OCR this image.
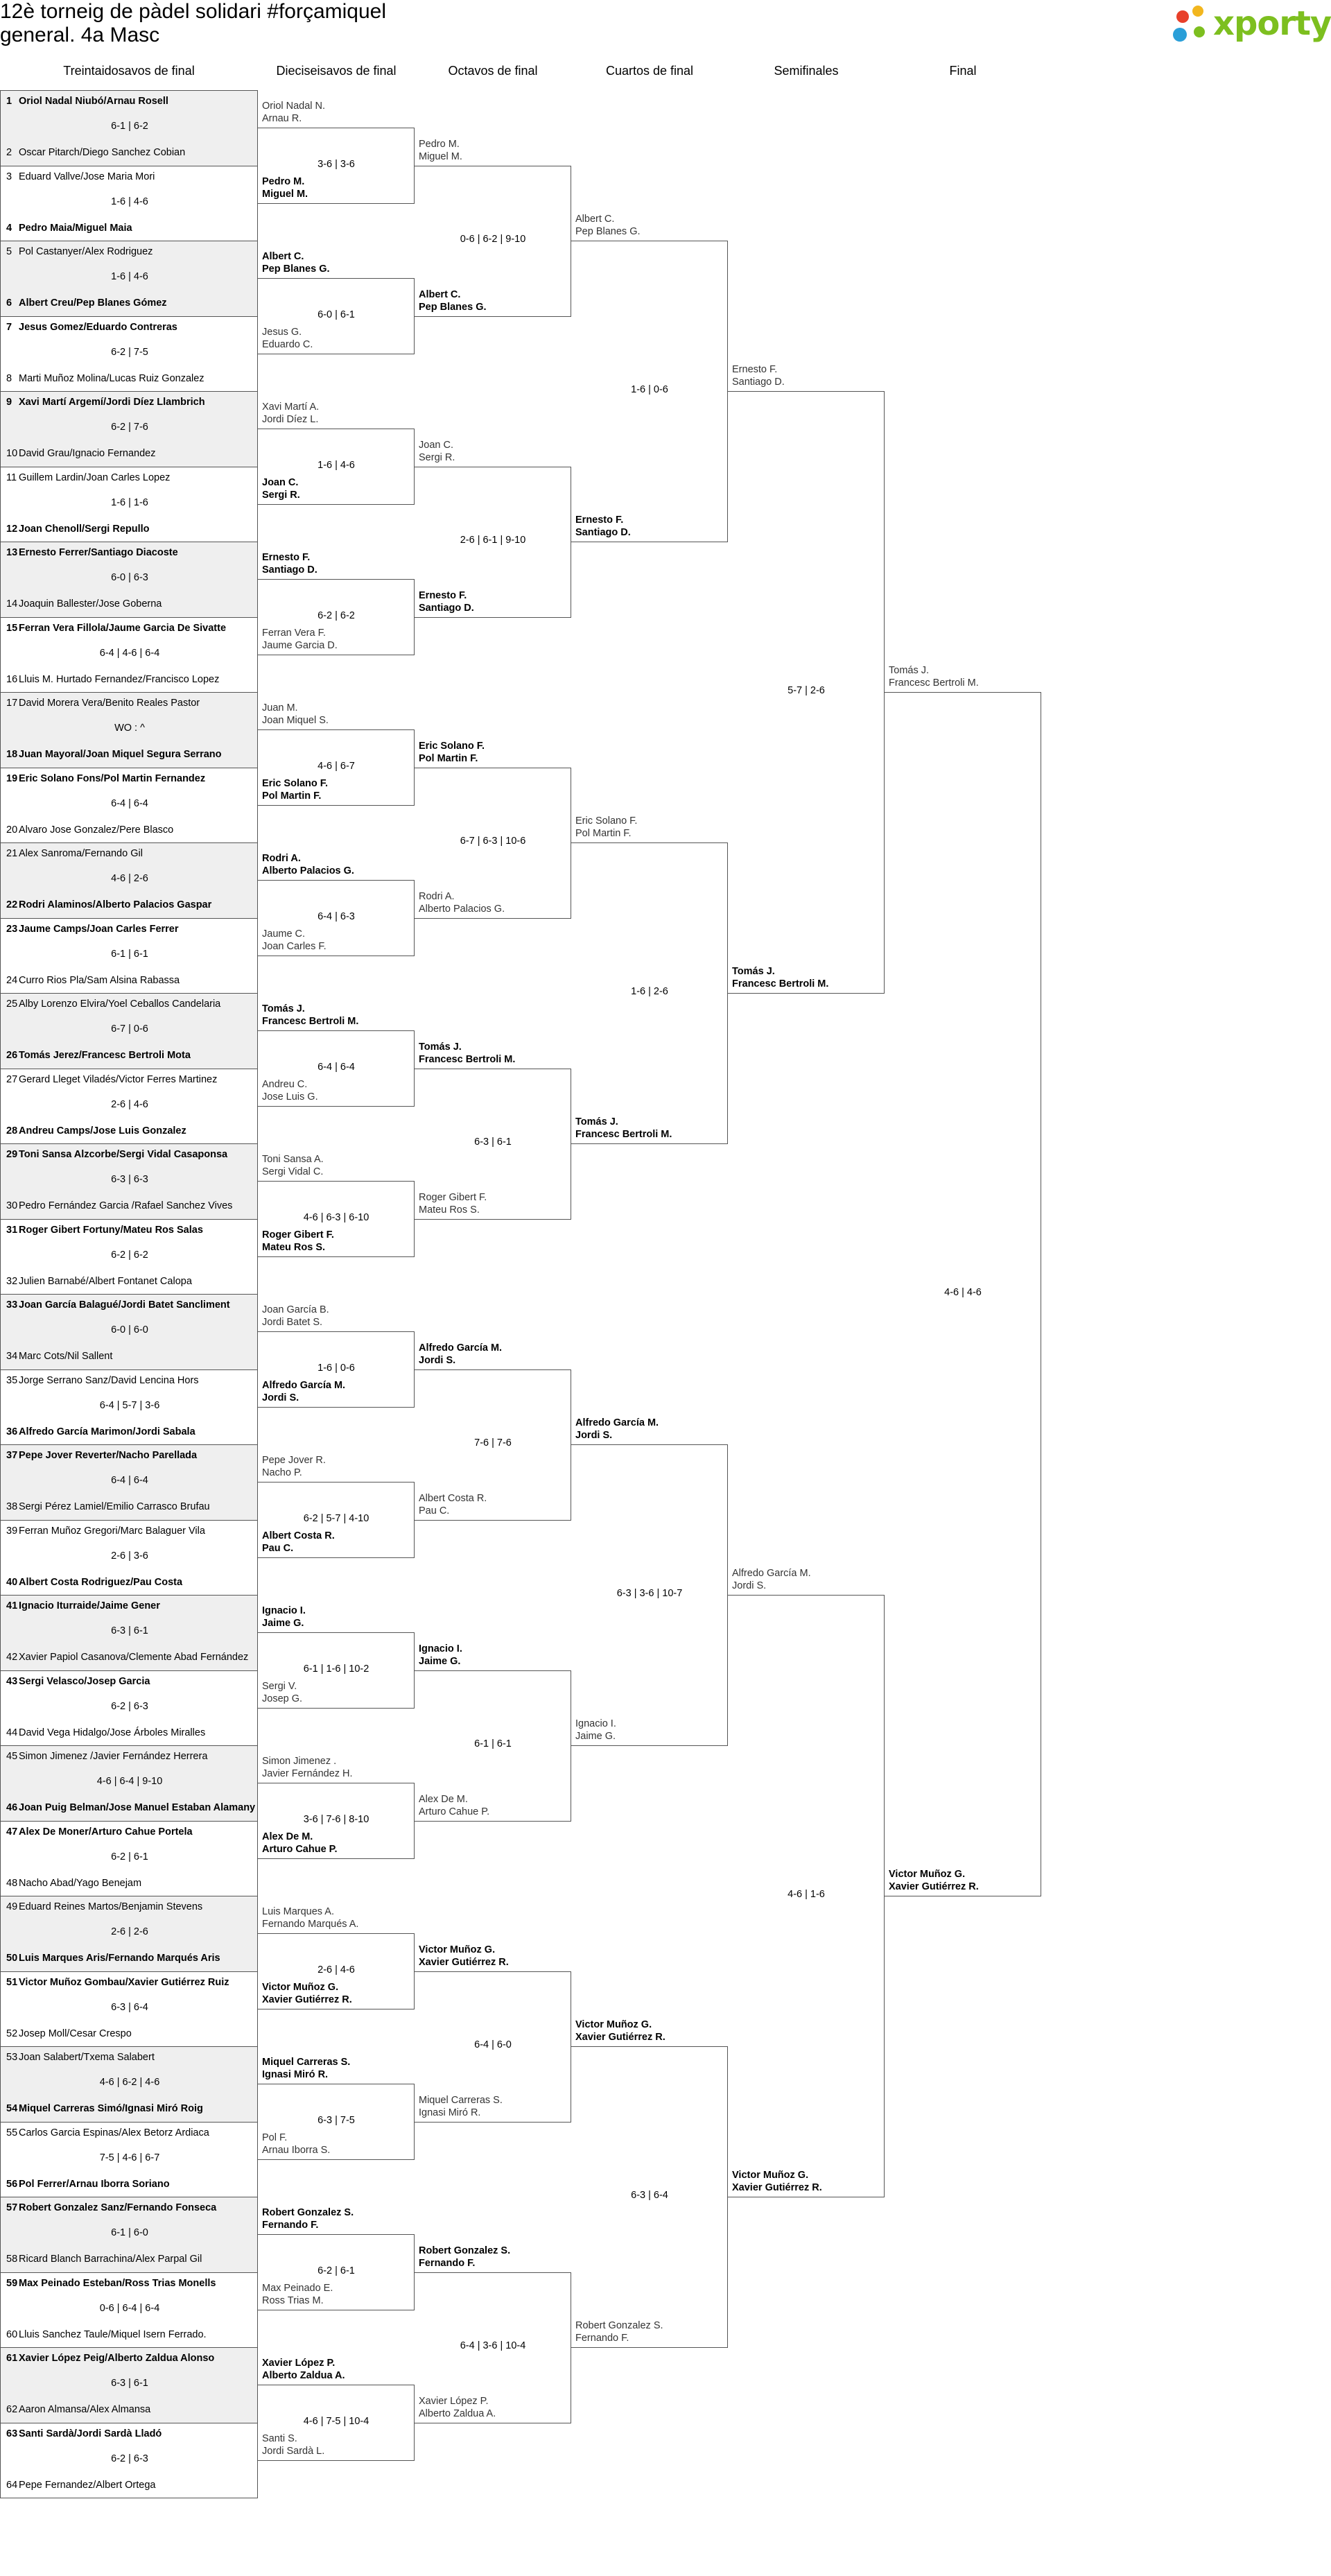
12è torneig de pàdel solidari #forçamiquel
general. 4a Masc	xporty
Treintaidosavos de final	Dieciseisavos de final	Octavos de final	Cuartos de final	Semifinales	Final
1 Oriol Nadal Niubó/Arnau Rosell
6-1 | 6-2
2 Oscar Pitarch/Diego Sanchez Cobian
3 Eduard Vallve/Jose Maria Mori
1-6 | 4-6
4 Pedro Maia/Miguel Maia
5 Pol Castanyer/Alex Rodriguez
1-6 | 4-6
6 Albert Creu/Pep Blanes Gómez
7 Jesus Gomez/Eduardo Contreras
6-2 | 7-5
8 Marti Muñoz Molina/Lucas Ruiz Gonzalez
9 Xavi Martí Argemí/Jordi Díez Llambrich
6-2 | 7-6
10 David Grau/Ignacio Fernandez
11 Guillem Lardin/Joan Carles Lopez
1-6 | 1-6
12 Joan Chenoll/Sergi Repullo
13 Ernesto Ferrer/Santiago Diacoste
6-0 | 6-3
14 Joaquin Ballester/Jose Goberna
15 Ferran Vera Fillola/Jaume Garcia De Sivatte
6-4 | 4-6 | 6-4
16 Lluis M. Hurtado Fernandez/Francisco Lopez
17 David Morera Vera/Benito Reales Pastor
WO : ^
18 Juan Mayoral/Joan Miquel Segura Serrano
19 Eric Solano Fons/Pol Martin Fernandez
6-4 | 6-4
20 Alvaro Jose Gonzalez/Pere Blasco
21 Alex Sanroma/Fernando Gil
4-6 | 2-6
22 Rodri Alaminos/Alberto Palacios Gaspar
23 Jaume Camps/Joan Carles Ferrer
6-1 | 6-1
24 Curro Rios Pla/Sam Alsina Rabassa
25 Alby Lorenzo Elvira/Yoel Ceballos Candelaria
6-7 | 0-6
26 Tomás Jerez/Francesc Bertroli Mota
27 Gerard Lleget Viladés/Victor Ferres Martinez
2-6 | 4-6
28 Andreu Camps/Jose Luis Gonzalez
29 Toni Sansa Alzcorbe/Sergi Vidal Casaponsa
6-3 | 6-3
30 Pedro Fernández Garcia /Rafael Sanchez Vives
31 Roger Gibert Fortuny/Mateu Ros Salas
6-2 | 6-2
32 Julien Barnabé/Albert Fontanet Calopa
33 Joan García Balagué/Jordi Batet Sancliment
6-0 | 6-0
34 Marc Cots/Nil Sallent
35 Jorge Serrano Sanz/David Lencina Hors
6-4 | 5-7 | 3-6
36 Alfredo García Marimon/Jordi Sabala
37 Pepe Jover Reverter/Nacho Parellada
6-4 | 6-4
38 Sergi Pérez Lamiel/Emilio Carrasco Brufau
39 Ferran Muñoz Gregori/Marc Balaguer Vila
2-6 | 3-6
40 Albert Costa Rodriguez/Pau Costa
41 Ignacio Iturraide/Jaime Gener
6-3 | 6-1
42 Xavier Papiol Casanova/Clemente Abad Fernández
43 Sergi Velasco/Josep Garcia
6-2 | 6-3
44 David Vega Hidalgo/Jose Árboles Miralles
45 Simon Jimenez /Javier Fernández Herrera
4-6 | 6-4 | 9-10
46 Joan Puig Belman/Jose Manuel Estaban Alamany
47 Alex De Moner/Arturo Cahue Portela
6-2 | 6-1
48 Nacho Abad/Yago Benejam
49 Eduard Reines Martos/Benjamin Stevens
2-6 | 2-6
50 Luis Marques Aris/Fernando Marqués Aris
51 Victor Muñoz Gombau/Xavier Gutiérrez Ruiz
6-3 | 6-4
52 Josep Moll/Cesar Crespo
53 Joan Salabert/Txema Salabert
4-6 | 6-2 | 4-6
54 Miquel Carreras Simó/Ignasi Miró Roig
55 Carlos Garcia Espinas/Alex Betorz Ardiaca
7-5 | 4-6 | 6-7
56 Pol Ferrer/Arnau Iborra Soriano
57 Robert Gonzalez Sanz/Fernando Fonseca
6-1 | 6-0
58 Ricard Blanch Barrachina/Alex Parpal Gil
59 Max Peinado Esteban/Ross Trias Monells
0-6 | 6-4 | 6-4
60 Lluis Sanchez Taule/Miquel Isern Ferrado.
61 Xavier López Peig/Alberto Zaldua Alonso
6-3 | 6-1
62 Aaron Almansa/Alex Almansa
63 Santi Sardà/Jordi Sardà Lladó
6-2 | 6-3
64 Pepe Fernandez/Albert Ortega
Oriol Nadal N.
Arnau R.
Pedro M.
Miguel M.
3-6 | 3-6
Albert C.
Pep Blanes G.
Jesus G.
Eduardo C.
6-0 | 6-1
Xavi Martí A.
Jordi Díez L.
Joan C.
Sergi R.
1-6 | 4-6
Ernesto F.
Santiago D.
Ferran Vera F.
Jaume Garcia D.
6-2 | 6-2
Juan M.
Joan Miquel S.
Eric Solano F.
Pol Martin F.
4-6 | 6-7
Rodri A.
Alberto Palacios G.
Jaume C.
Joan Carles F.
6-4 | 6-3
Tomás J.
Francesc Bertroli M.
Andreu C.
Jose Luis G.
6-4 | 6-4
Toni Sansa A.
Sergi Vidal C.
Roger Gibert F.
Mateu Ros S.
4-6 | 6-3 | 6-10
Joan García B.
Jordi Batet S.
Alfredo García M.
Jordi S.
1-6 | 0-6
Pepe Jover R.
Nacho P.
Albert Costa R.
Pau C.
6-2 | 5-7 | 4-10
Ignacio I.
Jaime G.
Sergi V.
Josep G.
6-1 | 1-6 | 10-2
Simon Jimenez .
Javier Fernández H.
Alex De M.
Arturo Cahue P.
3-6 | 7-6 | 8-10
Luis Marques A.
Fernando Marqués A.
Victor Muñoz G.
Xavier Gutiérrez R.
2-6 | 4-6
Miquel Carreras S.
Ignasi Miró R.
Pol F.
Arnau Iborra S.
6-3 | 7-5
Robert Gonzalez S.
Fernando F.
Max Peinado E.
Ross Trias M.
6-2 | 6-1
Xavier López P.
Alberto Zaldua A.
Santi S.
Jordi Sardà L.
4-6 | 7-5 | 10-4
Pedro M.
Miguel M.
Albert C.
Pep Blanes G.
0-6 | 6-2 | 9-10
Joan C.
Sergi R.
Ernesto F.
Santiago D.
2-6 | 6-1 | 9-10
Eric Solano F.
Pol Martin F.
Rodri A.
Alberto Palacios G.
6-7 | 6-3 | 10-6
Tomás J.
Francesc Bertroli M.
Roger Gibert F.
Mateu Ros S.
6-3 | 6-1
Alfredo García M.
Jordi S.
Albert Costa R.
Pau C.
7-6 | 7-6
Ignacio I.
Jaime G.
Alex De M.
Arturo Cahue P.
6-1 | 6-1
Victor Muñoz G.
Xavier Gutiérrez R.
Miquel Carreras S.
Ignasi Miró R.
6-4 | 6-0
Robert Gonzalez S.
Fernando F.
Xavier López P.
Alberto Zaldua A.
6-4 | 3-6 | 10-4
Albert C.
Pep Blanes G.
Ernesto F.
Santiago D.
1-6 | 0-6
Eric Solano F.
Pol Martin F.
Tomás J.
Francesc Bertroli M.
1-6 | 2-6
Alfredo García M.
Jordi S.
Ignacio I.
Jaime G.
6-3 | 3-6 | 10-7
Victor Muñoz G.
Xavier Gutiérrez R.
Robert Gonzalez S.
Fernando F.
6-3 | 6-4
Ernesto F.
Santiago D.
Tomás J.
Francesc Bertroli M.
5-7 | 2-6
Alfredo García M.
Jordi S.
Victor Muñoz G.
Xavier Gutiérrez R.
4-6 | 1-6
Tomás J.
Francesc Bertroli M.
Victor Muñoz G.
Xavier Gutiérrez R.
4-6 | 4-6
